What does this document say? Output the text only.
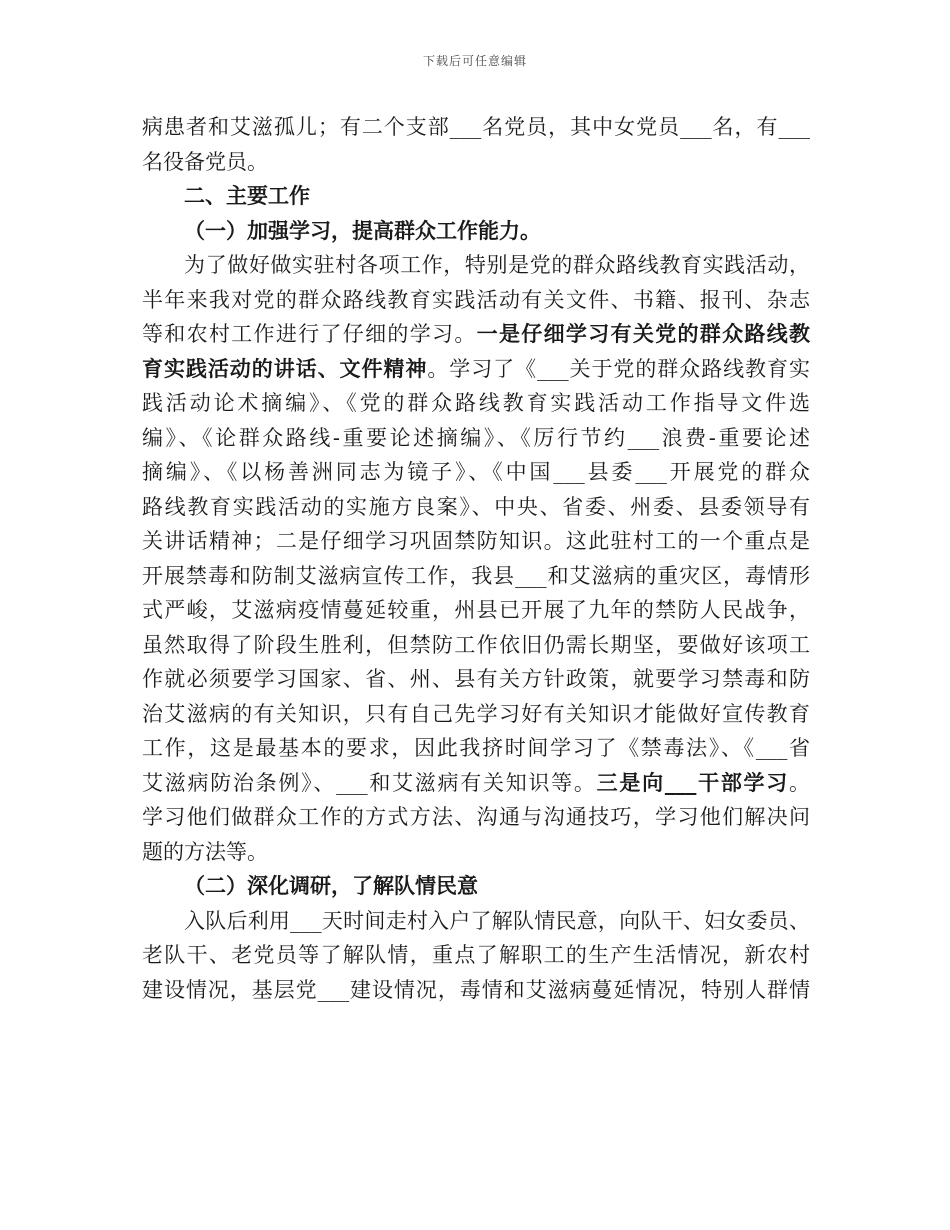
下载后可任意编辑
病患者和艾滋孤儿；有二个支部___名党员，其中女党员___名，有___
名役备党员。
二、主要工作
（一）加强学习，提高群众工作能力。
为了做好做实驻村各项工作，特别是党的群众路线教育实践活动，
半年来我对党的群众路线教育实践活动有关文件、书籍、报刊、杂志
等和农村工作进行了仔细的学习。一是仔细学习有关党的群众路线教
育实践活动的讲话、文件精神。学习了《___关于党的群众路线教育实
践活动论术摘编》、《党的群众路线教育实践活动工作指导文件选
编》、《论群众路线-重要论述摘编》、《厉行节约___浪费-重要论述
摘编》、《以杨善洲同志为镜子》、《中国___县委___开展党的群众
路线教育实践活动的实施方良案》、中央、省委、州委、县委领导有
关讲话精神；二是仔细学习巩固禁防知识。这此驻村工的一个重点是
开展禁毒和防制艾滋病宣传工作，我县___和艾滋病的重灾区，毒情形
式严峻，艾滋病疫情蔓延较重，州县已开展了九年的禁防人民战争，
虽然取得了阶段生胜利，但禁防工作依旧仍需长期坚，要做好该项工
作就必须要学习国家、省、州、县有关方针政策，就要学习禁毒和防
治艾滋病的有关知识，只有自己先学习好有关知识才能做好宣传教育
工作，这是最基本的要求，因此我挤时间学习了《禁毒法》、《___省
艾滋病防治条例》、___和艾滋病有关知识等。三是向___干部学习。
学习他们做群众工作的方式方法、沟通与沟通技巧，学习他们解决问
题的方法等。
（二）深化调研，了解队情民意
入队后利用___天时间走村入户了解队情民意，向队干、妇女委员、
老队干、老党员等了解队情，重点了解职工的生产生活情况，新农村
建设情况，基层党___建设情况，毒情和艾滋病蔓延情况，特别人群情
